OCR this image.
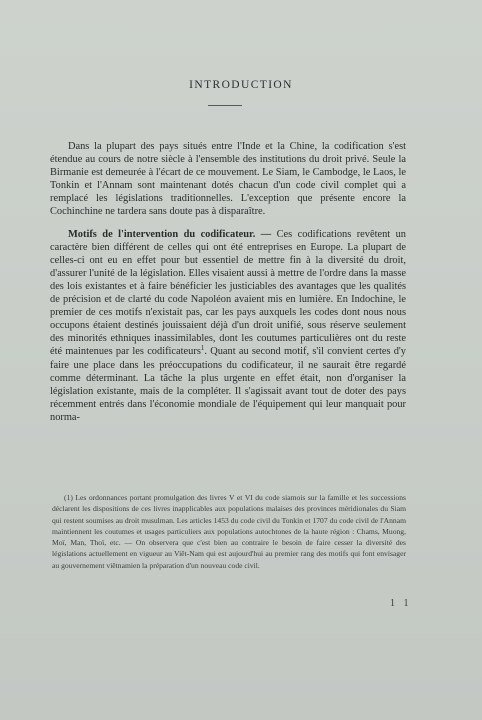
INTRODUCTION

Dans la plupart des pays situés entre l'Inde et la Chine, la codification s'est étendue au cours de notre siècle à l'ensemble des institutions du droit privé. Seule la Birmanie est demeurée à l'écart de ce mouvement. Le Siam, le Cambodge, le Laos, le Tonkin et l'Annam sont maintenant dotés chacun d'un code civil complet qui a remplacé les législations traditionnelles. L'exception que présente encore la Cochinchine ne tardera sans doute pas à disparaître.

Motifs de l'intervention du codificateur. — Ces codifications revêtent un caractère bien différent de celles qui ont été entreprises en Europe. La plupart de celles-ci ont eu en effet pour but essentiel de mettre fin à la diversité du droit, d'assurer l'unité de la législation. Elles visaient aussi à mettre de l'ordre dans la masse des lois existantes et à faire bénéficier les justiciables des avantages que les qualités de précision et de clarté du code Napoléon avaient mis en lumière. En Indochine, le premier de ces motifs n'existait pas, car les pays auxquels les codes dont nous nous occupons étaient destinés jouissaient déjà d'un droit unifié, sous réserve seulement des minorités ethniques inassimilables, dont les coutumes particulières ont du reste été maintenues par les codificateurs$^1$. Quant au second motif, s'il convient certes d'y faire une place dans les préoccupations du codificateur, il ne saurait être regardé comme déterminant. La tâche la plus urgente en effet était, non d'organiser la législation existante, mais de la compléter. Il s'agissait avant tout de doter des pays récemment entrés dans l'économie mondiale de l'équipement qui leur manquait pour norma-

(1) Les ordonnances portant promulgation des livres V et VI du code siamois sur la famille et les successions déclarent les dispositions de ces livres inapplicables aux populations malaises des provinces méridionales du Siam qui restent soumises au droit musulman. Les articles 1453 du code civil du Tonkin et 1707 du code civil de l'Annam maintiennent les coutumes et usages particuliers aux populations autochtones de la haute région : Chams, Muong, Moï, Man, Thoï, etc. — On observera que c'est bien au contraire le besoin de faire cesser la diversité des législations actuellement en vigueur au Viêt-Nam qui est aujourd'hui au premier rang des motifs qui font envisager au gouvernement viêtnamien la préparation d'un nouveau code civil.

1 1
